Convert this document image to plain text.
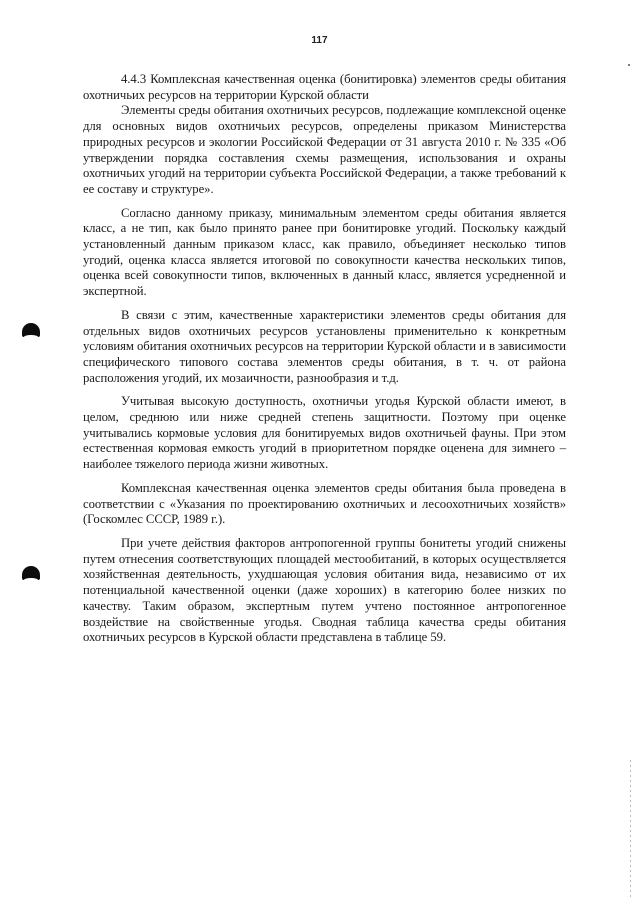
117

4.4.3 Комплексная качественная оценка (бонитировка) элементов среды обитания охотничьих ресурсов на территории Курской области

Элементы среды обитания охотничьих ресурсов, подлежащие комплексной оценке для основных видов охотничьих ресурсов, определены приказом Министерства природных ресурсов и экологии Российской Федерации от 31 августа 2010 г. № 335 «Об утверждении порядка составления схемы размещения, использования и охраны охотничьих угодий на территории субъекта Российской Федерации, а также требований к ее составу и структуре».

Согласно данному приказу, минимальным элементом среды обитания является класс, а не тип, как было принято ранее при бонитировке угодий. Поскольку каждый установленный данным приказом класс, как правило, объединяет несколько типов угодий, оценка класса является итоговой по совокупности качества нескольких типов, оценка всей совокупности типов, включенных в данный класс, является усредненной и экспертной.

В связи с этим, качественные характеристики элементов среды обитания для отдельных видов охотничьих ресурсов установлены применительно к конкретным условиям обитания охотничьих ресурсов на территории Курской области и в зависимости специфического типового состава элементов среды обитания, в т. ч. от района расположения угодий, их мозаичности, разнообразия и т.д.

Учитывая высокую доступность, охотничьи угодья Курской области имеют, в целом, среднюю или ниже средней степень защитности. Поэтому при оценке учитывались кормовые условия для бонитируемых видов охотничьей фауны. При этом естественная кормовая емкость угодий в приоритетном порядке оценена для зимнего – наиболее тяжелого периода жизни животных.

Комплексная качественная оценка элементов среды обитания была проведена в соответствии с «Указания по проектированию охотничьих и лесоохотничьих хозяйств» (Госкомлес СССР, 1989 г.).

При учете действия факторов антропогенной группы бонитеты угодий снижены путем отнесения соответствующих площадей местообитаний, в которых осуществляется хозяйственная деятельность, ухудшающая условия обитания вида, независимо от их потенциальной качественной оценки (даже хороших) в категорию более низких по качеству. Таким образом, экспертным путем учтено постоянное антропогенное воздействие на свойственные угодья. Сводная таблица качества среды обитания охотничьих ресурсов в Курской области представлена в таблице 59.
